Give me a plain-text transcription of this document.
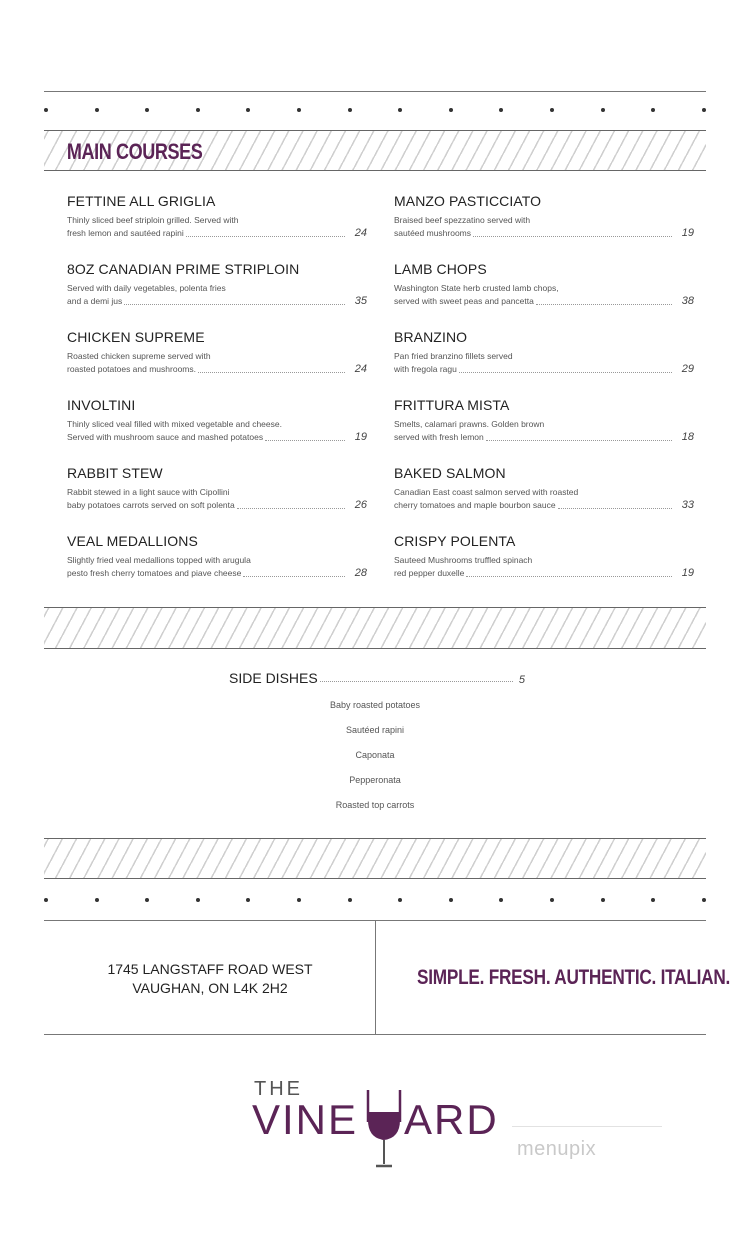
MAIN COURSES
FETTINE ALL GRIGLIA
Thinly sliced beef striploin grilled. Served with
fresh lemon and sautéed rapini	24
8OZ CANADIAN PRIME STRIPLOIN
Served with daily vegetables, polenta fries
and a demi jus	35
CHICKEN SUPREME
Roasted chicken supreme served with
roasted potatoes and mushrooms.	24
INVOLTINI
Thinly sliced veal filled with mixed vegetable and cheese.
Served with mushroom sauce and mashed potatoes	19
RABBIT STEW
Rabbit stewed in a light sauce with Cipollini
baby potatoes carrots served on soft polenta	26
VEAL MEDALLIONS
Slightly fried veal medallions topped with arugula
pesto fresh cherry tomatoes and piave cheese	28
MANZO PASTICCIATO
Braised beef spezzatino served with
sautéed mushrooms	19
LAMB CHOPS
Washington State herb crusted lamb chops,
served with sweet peas and pancetta	38
BRANZINO
Pan fried branzino fillets served
with fregola ragu	29
FRITTURA MISTA
Smelts, calamari prawns. Golden brown
served with fresh lemon	18
BAKED SALMON
Canadian East coast salmon served with roasted
cherry tomatoes and maple bourbon sauce	33
CRISPY POLENTA
Sauteed Mushrooms truffled spinach
red pepper duxelle	19
SIDE DISHES	5
Baby roasted potatoes
Sautéed rapini
Caponata
Pepperonata
Roasted top carrots
1745 LANGSTAFF ROAD WEST
VAUGHAN, ON L4K 2H2	SIMPLE. FRESH. AUTHENTIC. ITALIAN.
THE
VINE ARD
menupix
